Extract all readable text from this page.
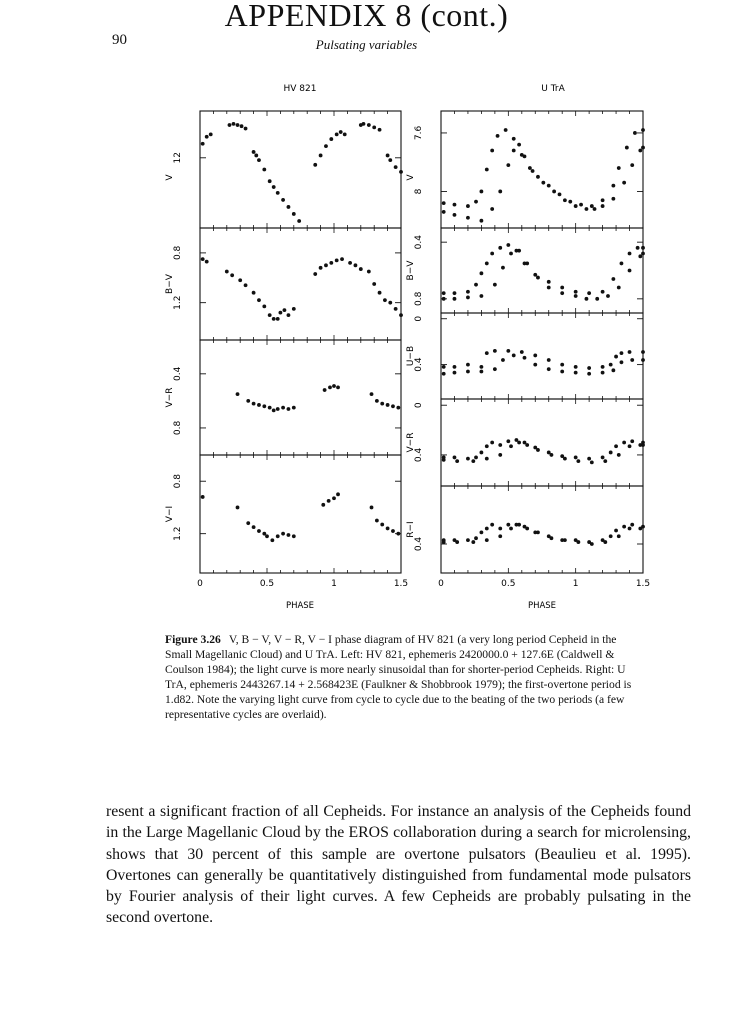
90
APPENDIX 8 (cont.)
Pulsating variables
HV 821
12
V
0.8
1.2
B−V
0.4
0.8
V−R
0.8
1.2
V−I
0	0.5	1	1.5
PHASE
U TrA
7.6
8
V
0.4
0.8
B−V
0
0.4
U−B
0
0.4
V−R
0.4
R−I
0	0.5	1	1.5
PHASE
Figure 3.26 V, B − V, V − R, V − I phase diagram of HV 821 (a very long period Cepheid in the Small Magellanic Cloud) and U TrA. Left: HV 821, ephemeris 2420000.0 + 127.6E (Caldwell & Coulson 1984); the light curve is more nearly sinusoidal than for shorter-period Cepheids. Right: U TrA, ephemeris 2443267.14 + 2.568423E (Faulkner & Shobbrook 1979); the first-overtone period is 1.d82. Note the varying light curve from cycle to cycle due to the beating of the two periods (a few representative cycles are overlaid).
resent a significant fraction of all Cepheids. For instance an analysis of the Cepheids found in the Large Magellanic Cloud by the EROS collaboration during a search for microlensing, shows that 30 percent of this sample are overtone pulsators (Beaulieu et al. 1995). Overtones can generally be quantitatively distinguished from fundamental mode pulsators by Fourier analysis of their light curves. A few Cepheids are probably pulsating in the second overtone.
